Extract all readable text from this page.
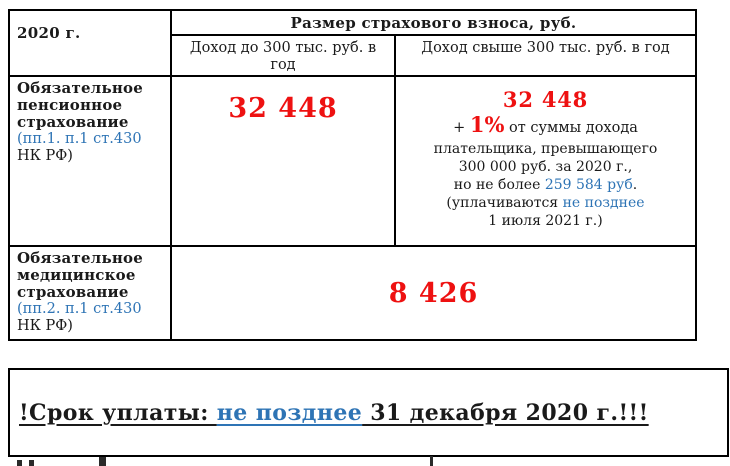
2020 г.
Размер страхового взноса, руб.
Доход до 300 тыс. руб. в год
Доход свыше 300 тыс. руб. в год
Обязательное пенсионное страхование
(пп.1. п.1 ст.430 НК РФ)
32 448	32 448
+ 1% от суммы дохода
плательщика, превышающего
300 000 руб. за 2020 г.,
но не более 259 584 руб.
(уплачиваются не позднее
1 июля 2021 г.)
Обязательное медицинское страхование
(пп.2. п.1 ст.430 НК РФ)
8 426
!Срок уплаты: не позднее 31 декабря 2020 г.!!!
